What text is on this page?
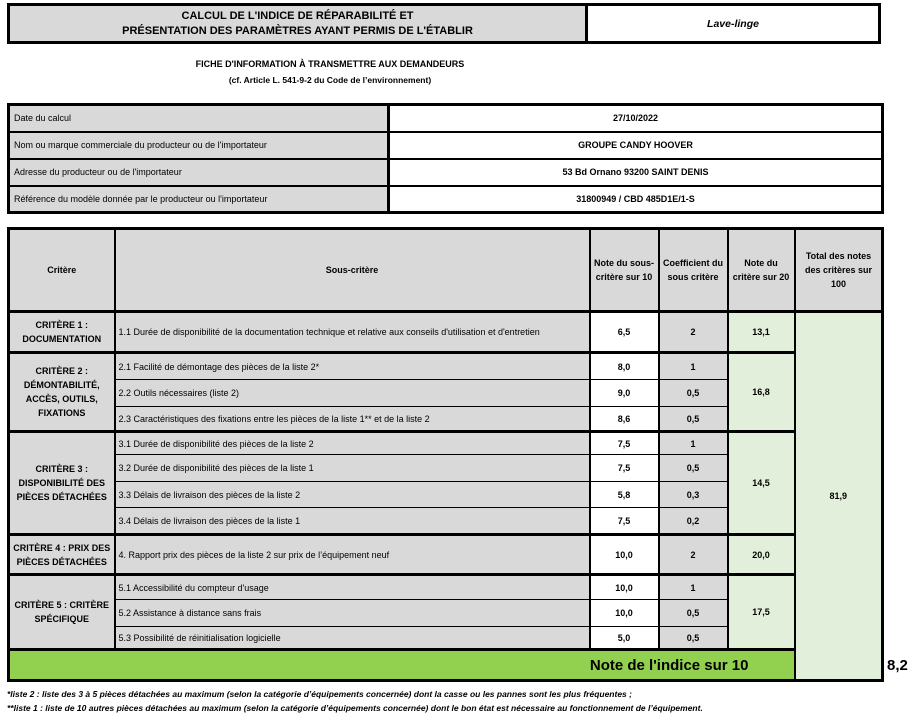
CALCUL DE L'INDICE DE RÉPARABILITÉ ET
PRÉSENTATION DES PARAMÈTRES AYANT PERMIS DE L'ÉTABLIR
Lave-linge
FICHE D'INFORMATION À TRANSMETTRE AUX DEMANDEURS
(cf. Article L. 541-9-2 du Code de l’environnement)
Date du calcul	27/10/2022
Nom ou marque commerciale du producteur ou de l'importateur	GROUPE CANDY HOOVER
Adresse du producteur ou de l'importateur	53 Bd Ornano 93200 SAINT DENIS
Référence du modèle donnée par le producteur ou l'importateur	31800949 / CBD 485D1E/1-S
Critère	Sous-critère	Note du sous-critère sur 10	Coefficient du sous critère	Note du critère sur 20	Total des notes des critères sur 100	
CRITÈRE 1 : DOCUMENTATION	1.1 Durée de disponibilité de la documentation technique et relative aux conseils d'utilisation et d'entretien	6,5	2	13,1	81,9	
CRITÈRE 2 : DÉMONTABILITÉ, ACCÈS, OUTILS, FIXATIONS	2.1 Facilité de démontage des pièces de la liste 2*	8,0	1	16,8		
	2.2 Outils nécessaires (liste 2)	9,0	0,5			
	2.3 Caractéristiques des fixations entre les pièces de la liste 1** et de la liste 2	8,6	0,5			
CRITÈRE 3 : DISPONIBILITÉ DES PIÈCES DÉTACHÉES	3.1 Durée de disponibilité des pièces de la liste 2	7,5	1	14,5		
	3.2 Durée de disponibilité des pièces de la liste 1	7,5	0,5			
	3.3 Délais de livraison des pièces de la liste 2	5,8	0,3			
	3.4 Délais de livraison des pièces de la liste 1	7,5	0,2			
CRITÈRE 4 : PRIX DES PIÈCES DÉTACHÉES	4. Rapport prix des pièces de la liste 2 sur prix de l’équipement neuf	10,0	2	20,0		
CRITÈRE 5 : CRITÈRE SPÉCIFIQUE	5.1 Accessibilité du compteur d'usage	10,0	1	17,5		
	5.2 Assistance à distance sans frais	10,0	0,5			
	5.3 Possibilité de réinitialisation logicielle	5,0	0,5			
Note de l'indice sur 10						8,2
*liste 2 : liste des 3 à 5 pièces détachées au maximum (selon la catégorie d’équipements concernée) dont la casse ou les pannes sont les plus fréquentes ;
**liste 1 : liste de 10 autres pièces détachées au maximum (selon la catégorie d’équipements concernée) dont le bon état est nécessaire au fonctionnement de l’équipement.
